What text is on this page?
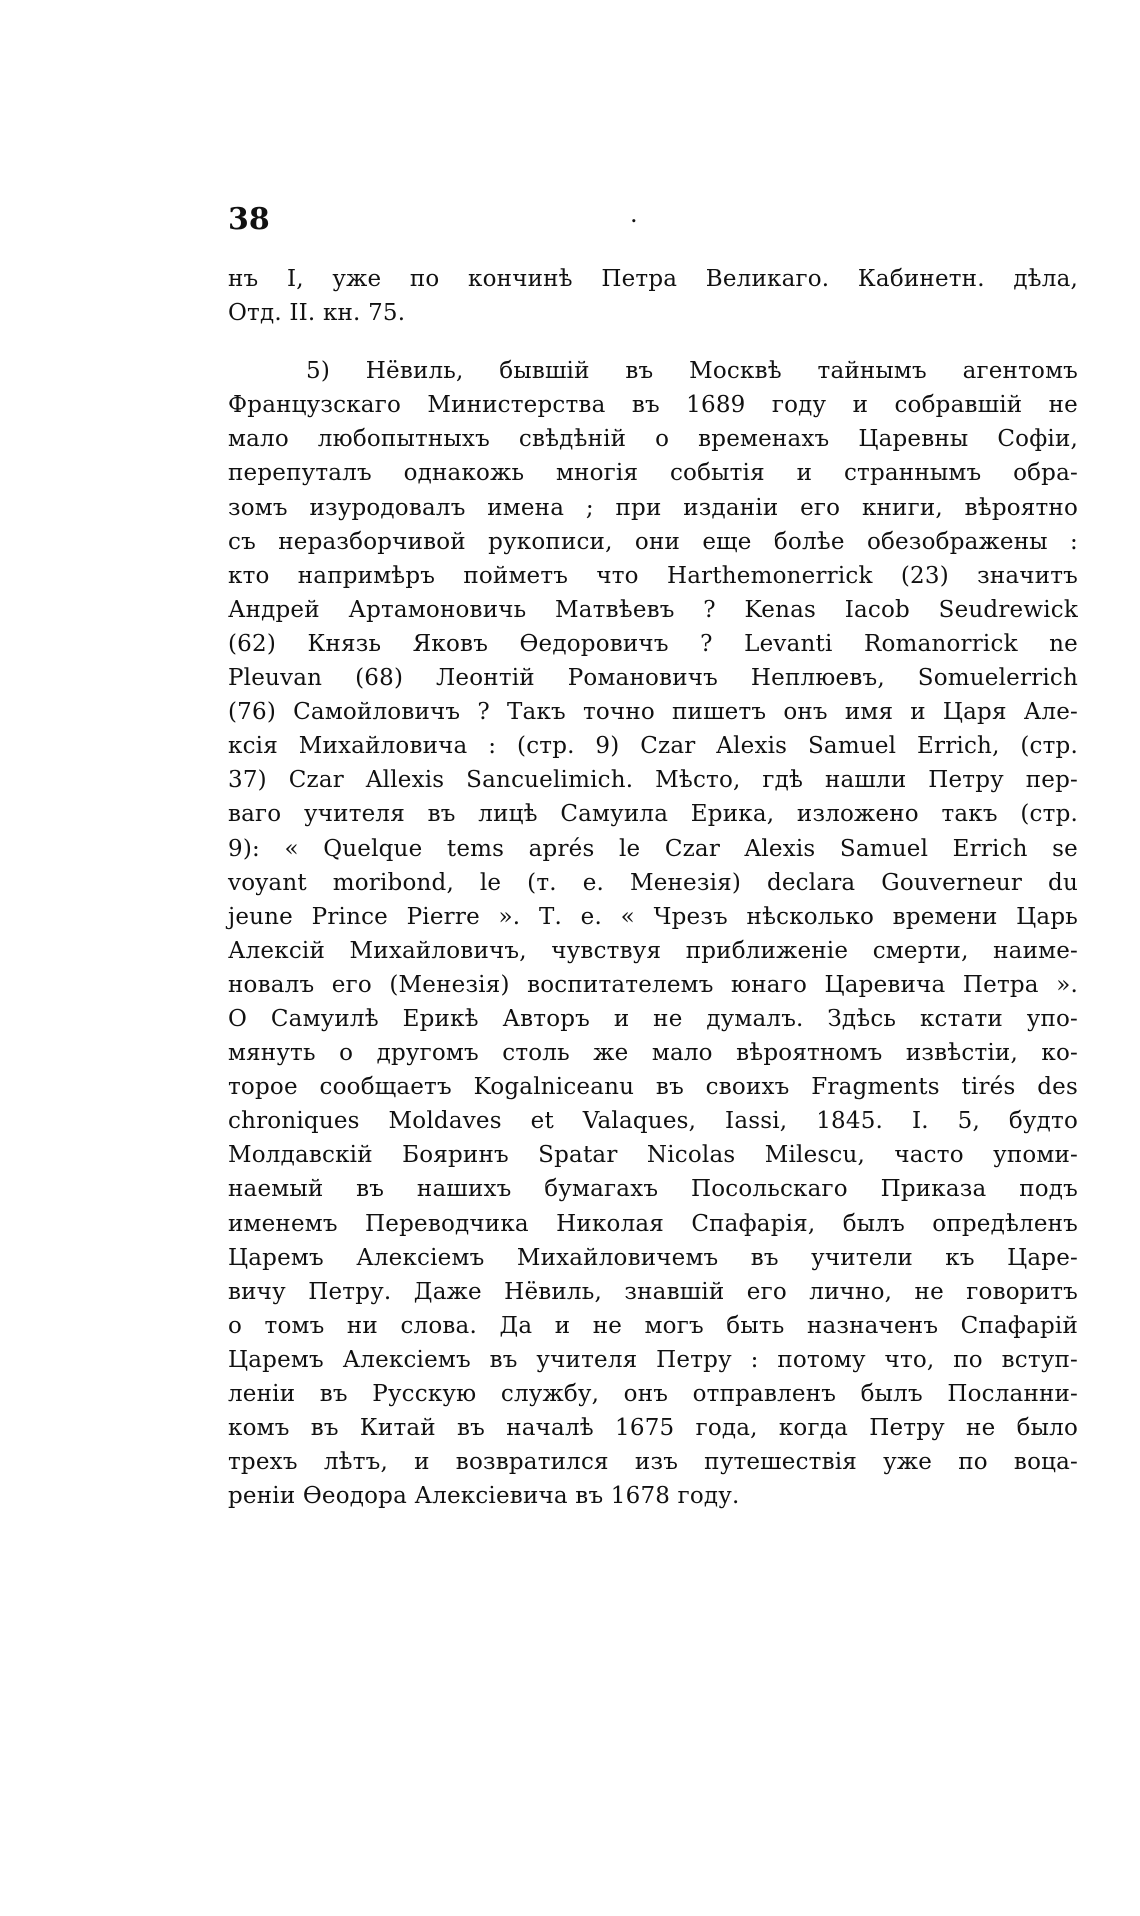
38	.
нъ I, уже по кончинѣ Петра Великаго. Кабинетн. дѣла,
Отд. II. кн. 75.
5) Нёвиль, бывшій въ Москвѣ тайнымъ агентомъ
Французскаго Министерства въ 1689 году и собравшій не
мало любопытныхъ свѣдѣній о временахъ Царевны Софіи,
перепуталъ однакожь многія событія и страннымъ обра-
зомъ изуродовалъ имена ; при изданіи его книги, вѣроятно
съ неразборчивой рукописи, они еще болѣе обезображены :
кто напримѣръ пойметъ что Harthemonerrick (23) значитъ
Андрей Артамоновичь Матвѣевъ ? Kenas Iacob Seudrewick
(62) Князь Яковъ Ѳедоровичъ ? Levanti Romanorrick ne
Pleuvan (68) Леонтій Романовичъ Неплюевъ, Somuelerrich
(76) Самойловичъ ? Такъ точно пишетъ онъ имя и Царя Але-
ксія Михайловича : (стр. 9) Czar Alexis Samuel Errich, (стр.
37) Czar Allexis Sancuelimich. Мѣсто, гдѣ нашли Петру пер-
ваго учителя въ лицѣ Самуила Ерика, изложено такъ (стр.
9): « Quelque tems aprés le Czar Alexis Samuel Errich se
voyant moribond, le (т. е. Менезія) declara Gouverneur du
jeune Prince Pierre ». Т. е. « Чрезъ нѣсколько времени Царь
Алексій Михайловичъ, чувствуя приближеніе смерти, наиме-
новалъ его (Менезія) воспитателемъ юнаго Царевича Петра ».
О Самуилѣ Ерикѣ Авторъ и не думалъ. Здѣсь кстати упо-
мянуть о другомъ столь же мало вѣроятномъ извѣстіи, ко-
торое сообщаетъ Kogalniceanu въ своихъ Fragments tirés des
chroniques Moldaves et Valaques, Iassi, 1845. I. 5, будто
Молдавскій Бояринъ Spatar Nicolas Milescu, часто упоми-
наемый въ нашихъ бумагахъ Посольскаго Приказа подъ
именемъ Переводчика Николая Спафарія, былъ опредѣленъ
Царемъ Алексіемъ Михайловичемъ въ учители къ Царе-
вичу Петру. Даже Нёвиль, знавшій его лично, не говоритъ
о томъ ни слова. Да и не могъ быть назначенъ Спафарій
Царемъ Алексіемъ въ учителя Петру : потому что, по вступ-
леніи въ Русскую службу, онъ отправленъ былъ Посланни-
комъ въ Китай въ началѣ 1675 года, когда Петру не было
трехъ лѣтъ, и возвратился изъ путешествія уже по воцa-
реніи Ѳеодора Алексіевича въ 1678 году.
